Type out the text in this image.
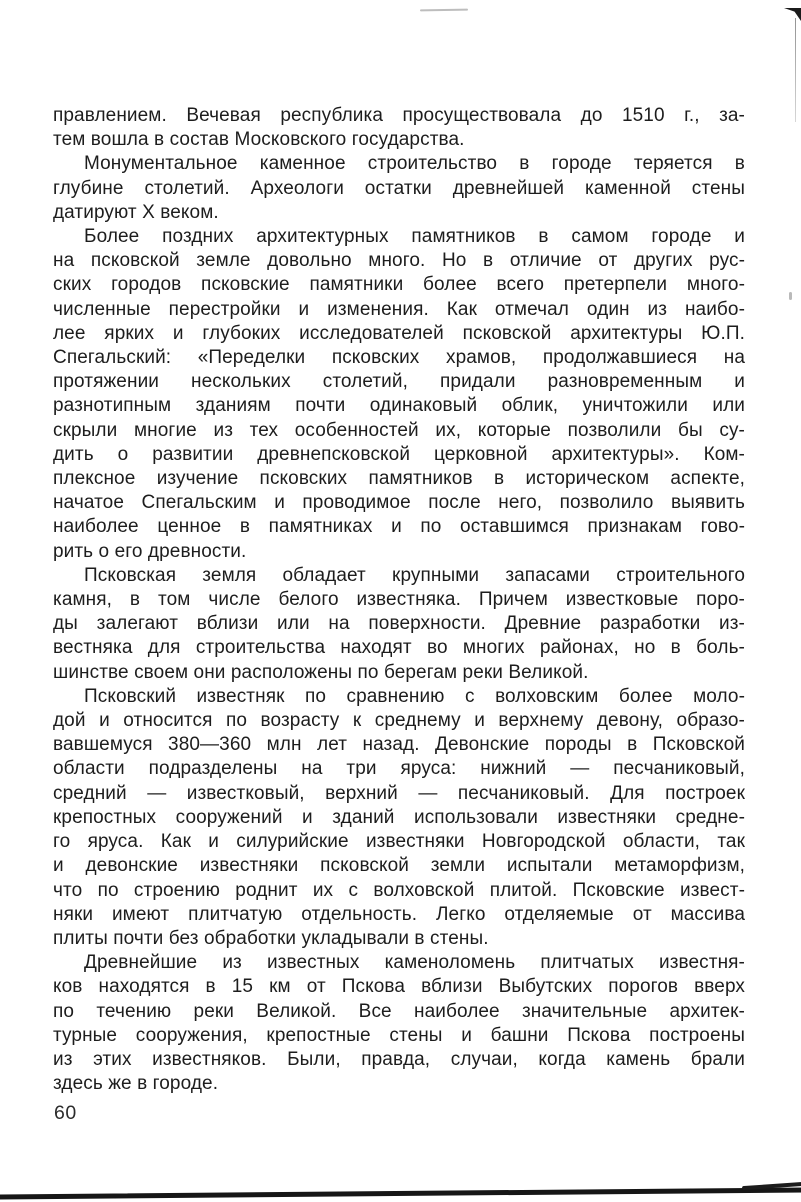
правлением. Вечевая республика просуществовала до 1510 г., за-
тем вошла в состав Московского государства.
Монументальное каменное строительство в городе теряется в
глубине столетий. Археологи остатки древнейшей каменной стены
датируют X веком.
Более поздних архитектурных памятников в самом городе и
на псковской земле довольно много. Но в отличие от других рус-
ских городов псковские памятники более всего претерпели много-
численные перестройки и изменения. Как отмечал один из наибо-
лее ярких и глубоких исследователей псковской архитектуры Ю.П.
Спегальский: «Переделки псковских храмов, продолжавшиеся на
протяжении нескольких столетий, придали разновременным и
разнотипным зданиям почти одинаковый облик, уничтожили или
скрыли многие из тех особенностей их, которые позволили бы су-
дить о развитии древнепсковской церковной архитектуры». Ком-
плексное изучение псковских памятников в историческом аспекте,
начатое Спегальским и проводимое после него, позволило выявить
наиболее ценное в памятниках и по оставшимся признакам гово-
рить о его древности.
Псковская земля обладает крупными запасами строительного
камня, в том числе белого известняка. Причем известковые поро-
ды залегают вблизи или на поверхности. Древние разработки из-
вестняка для строительства находят во многих районах, но в боль-
шинстве своем они расположены по берегам реки Великой.
Псковский известняк по сравнению с волховским более моло-
дой и относится по возрасту к среднему и верхнему девону, образо-
вавшемуся 380—360 млн лет назад. Девонские породы в Псковской
области подразделены на три яруса: нижний — песчаниковый,
средний — известковый, верхний — песчаниковый. Для построек
крепостных сооружений и зданий использовали известняки средне-
го яруса. Как и силурийские известняки Новгородской области, так
и девонские известняки псковской земли испытали метаморфизм,
что по строению роднит их с волховской плитой. Псковские извест-
няки имеют плитчатую отдельность. Легко отделяемые от массива
плиты почти без обработки укладывали в стены.
Древнейшие из известных каменоломень плитчатых известня-
ков находятся в 15 км от Пскова вблизи Выбутских порогов вверх
по течению реки Великой. Все наиболее значительные архитек-
турные сооружения, крепостные стены и башни Пскова построены
из этих известняков. Были, правда, случаи, когда камень брали
здесь же в городе.
60
